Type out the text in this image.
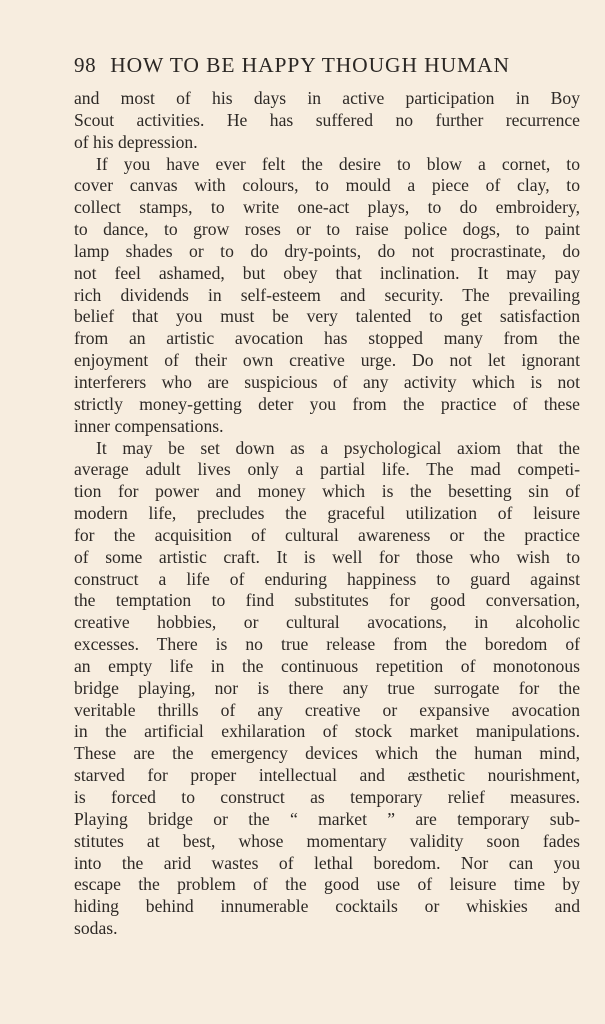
98 HOW TO BE HAPPY THOUGH HUMAN
and most of his days in active participation in Boy
Scout activities. He has suffered no further recurrence
of his depression.
If you have ever felt the desire to blow a cornet, to
cover canvas with colours, to mould a piece of clay, to
collect stamps, to write one-act plays, to do embroidery,
to dance, to grow roses or to raise police dogs, to paint
lamp shades or to do dry-points, do not procrastinate, do
not feel ashamed, but obey that inclination. It may pay
rich dividends in self-esteem and security. The prevailing
belief that you must be very talented to get satisfaction
from an artistic avocation has stopped many from the
enjoyment of their own creative urge. Do not let ignorant
interferers who are suspicious of any activity which is not
strictly money-getting deter you from the practice of these
inner compensations.
It may be set down as a psychological axiom that the
average adult lives only a partial life. The mad competi-
tion for power and money which is the besetting sin of
modern life, precludes the graceful utilization of leisure
for the acquisition of cultural awareness or the practice
of some artistic craft. It is well for those who wish to
construct a life of enduring happiness to guard against
the temptation to find substitutes for good conversation,
creative hobbies, or cultural avocations, in alcoholic
excesses. There is no true release from the boredom of
an empty life in the continuous repetition of monotonous
bridge playing, nor is there any true surrogate for the
veritable thrills of any creative or expansive avocation
in the artificial exhilaration of stock market manipulations.
These are the emergency devices which the human mind,
starved for proper intellectual and æsthetic nourishment,
is forced to construct as temporary relief measures.
Playing bridge or the “ market ” are temporary sub-
stitutes at best, whose momentary validity soon fades
into the arid wastes of lethal boredom. Nor can you
escape the problem of the good use of leisure time by
hiding behind innumerable cocktails or whiskies and
sodas.
